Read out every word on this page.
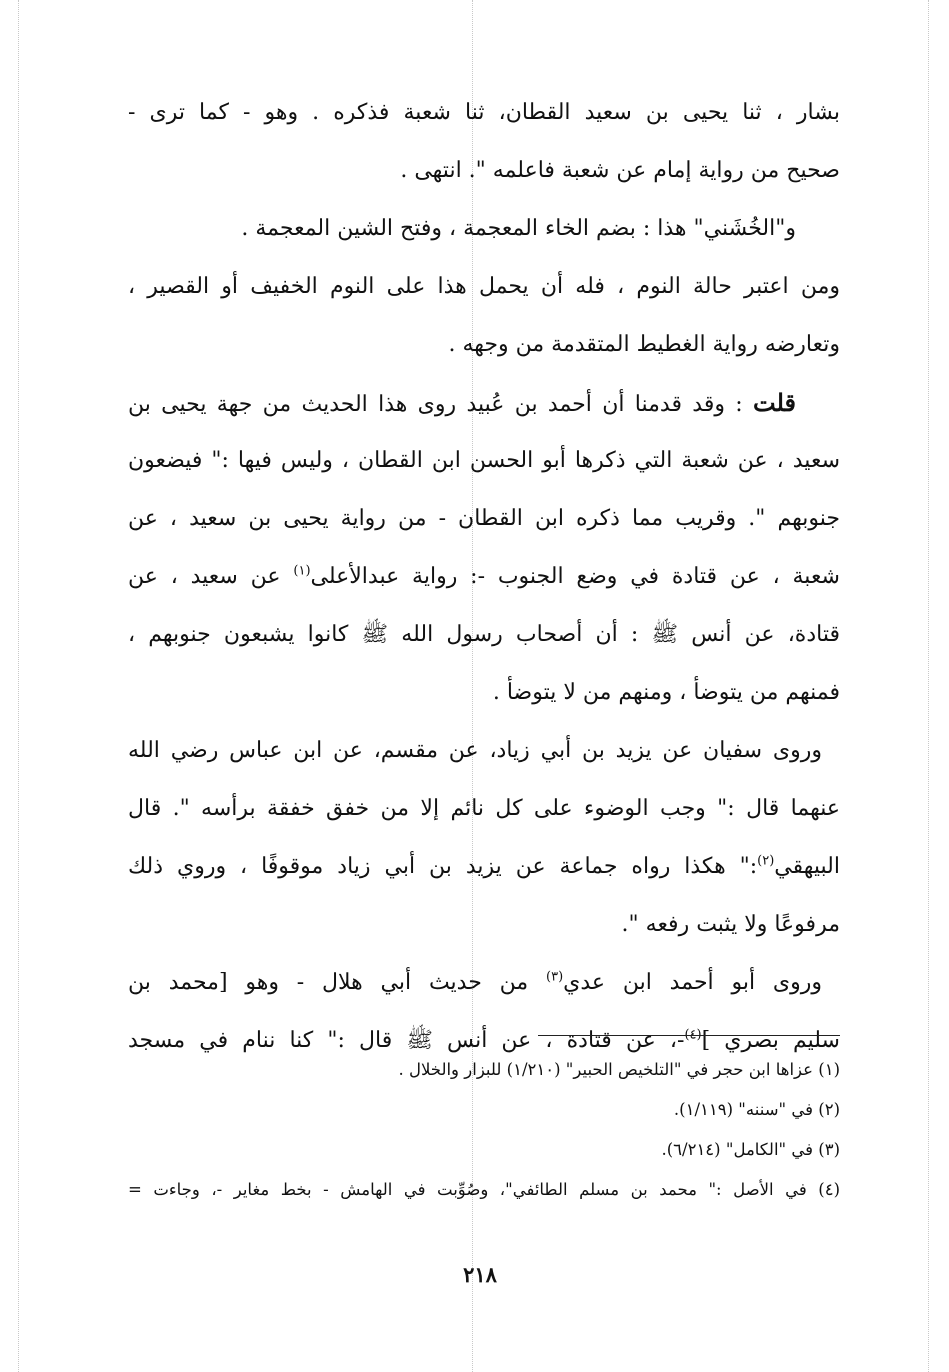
بشار ، ثنا يحيى بن سعيد القطان، ثنا شعبة فذكره . وهو - كما ترى -
صحيح من رواية إمام عن شعبة فاعلمه ". انتهى .
و"الخُشَني" هذا : بضم الخاء المعجمة ، وفتح الشين المعجمة .
ومن اعتبر حالة النوم ، فله أن يحمل هذا على النوم الخفيف أو القصير ،
وتعارضه رواية الغطيط المتقدمة من وجهه .
قلت : وقد قدمنا أن أحمد بن عُبيد روى هذا الحديث من جهة يحيى بن
سعيد ، عن شعبة التي ذكرها أبو الحسن ابن القطان ، وليس فيها :" فيضعون
جنوبهم ". وقريب مما ذكره ابن القطان - من رواية يحيى بن سعيد ، عن
شعبة ، عن قتادة في وضع الجنوب -: رواية عبدالأعلى$^{(١)}$ عن سعيد ، عن
قتادة، عن أنس ﷺ : أن أصحاب رسول الله ﷺ كانوا يشبعون جنوبهم ،
فمنهم من يتوضأ ، ومنهم من لا يتوضأ .
وروى سفيان عن يزيد بن أبي زياد، عن مقسم، عن ابن عباس رضي الله
عنهما قال :" وجب الوضوء على كل نائم إلا من خفق خفقة برأسه ". قال
البيهقي$^{(٢)}$:" هكذا رواه جماعة عن يزيد بن أبي زياد موقوفًا ، وروي ذلك
مرفوعًا ولا يثبت رفعه ".
وروى أبو أحمد ابن عدي$^{(٣)}$ من حديث أبي هلال - وهو [محمد بن
سليم بصري ]$^{(٤)}$-، عن قتادة ، عن أنس ﷺ قال :" كنا ننام في مسجد
(١) عزاها ابن حجر في "التلخيص الحبير" (١/٢١٠) للبزار والخلال .
(٢) في "سننه" (١/١١٩).
(٣) في "الكامل" (٦/٢١٤).
(٤) في الأصل :" محمد بن مسلم الطائفي"، وصُوِّبت في الهامش - بخط مغاير -، وجاءت =
٢١٨
